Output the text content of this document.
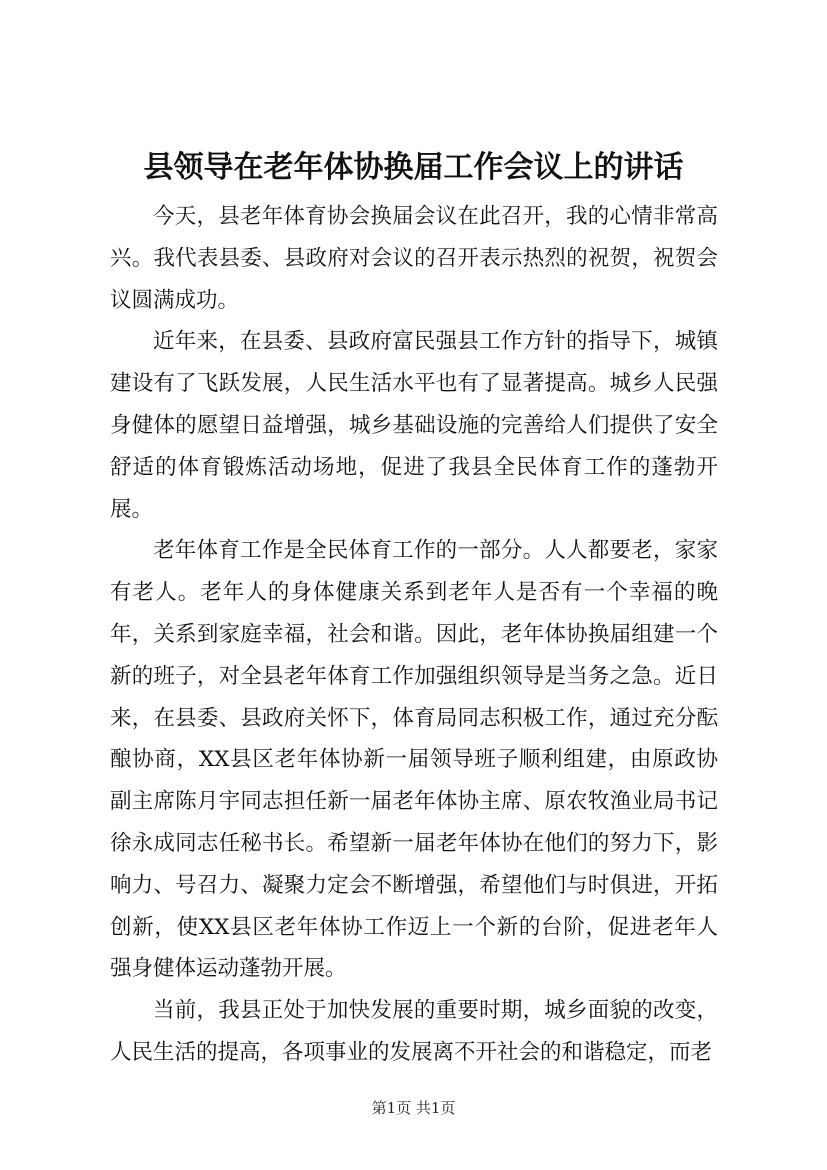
县领导在老年体协换届工作会议上的讲话

今天，县老年体育协会换届会议在此召开，我的心情非常高兴。我代表县委、县政府对会议的召开表示热烈的祝贺，祝贺会议圆满成功。

近年来，在县委、县政府富民强县工作方针的指导下，城镇建设有了飞跃发展，人民生活水平也有了显著提高。城乡人民强身健体的愿望日益增强，城乡基础设施的完善给人们提供了安全舒适的体育锻炼活动场地，促进了我县全民体育工作的蓬勃开展。

老年体育工作是全民体育工作的一部分。人人都要老，家家有老人。老年人的身体健康关系到老年人是否有一个幸福的晚年，关系到家庭幸福，社会和谐。因此，老年体协换届组建一个新的班子，对全县老年体育工作加强组织领导是当务之急。近日来，在县委、县政府关怀下，体育局同志积极工作，通过充分酝酿协商，XX县区老年体协新一届领导班子顺利组建，由原政协副主席陈月宇同志担任新一届老年体协主席、原农牧渔业局书记徐永成同志任秘书长。希望新一届老年体协在他们的努力下，影响力、号召力、凝聚力定会不断增强，希望他们与时俱进，开拓创新，使XX县区老年体协工作迈上一个新的台阶，促进老年人强身健体运动蓬勃开展。

当前，我县正处于加快发展的重要时期，城乡面貌的改变，人民生活的提高，各项事业的发展离不开社会的和谐稳定，而老

第1页 共1页
